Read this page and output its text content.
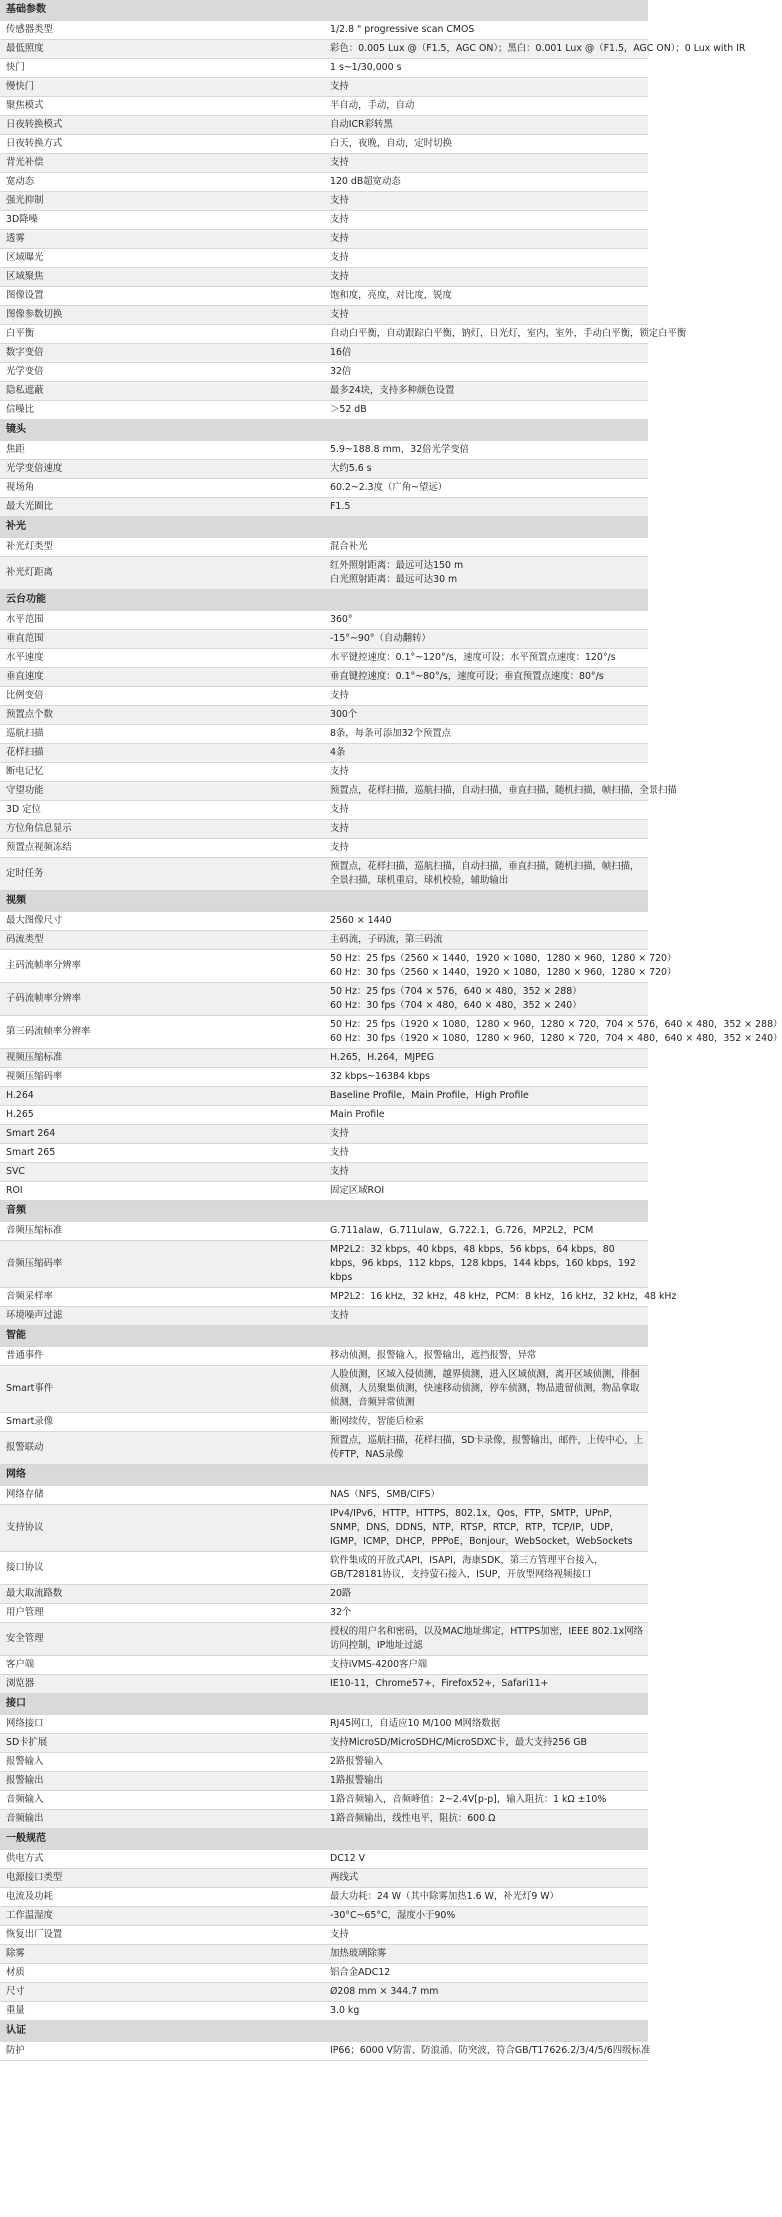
基础参数	
传感器类型	1/2.8 " progressive scan CMOS

最低照度	彩色：0.005 Lux @（F1.5，AGC ON）；黑白：0.001 Lux @（F1.5，AGC ON）；0 Lux with IR

快门	1 s~1/30,000 s

慢快门	支持

聚焦模式	半自动，手动，自动

日夜转换模式	自动ICR彩转黑

日夜转换方式	白天，夜晚，自动，定时切换

背光补偿	支持

宽动态	120 dB超宽动态

强光抑制	支持

3D降噪	支持

透雾	支持

区域曝光	支持

区域聚焦	支持

图像设置	饱和度，亮度，对比度，锐度

图像参数切换	支持

白平衡	自动白平衡，自动跟踪白平衡，钠灯，日光灯，室内，室外，手动白平衡，锁定白平衡

数字变倍	16倍

光学变倍	32倍

隐私遮蔽	最多24块，支持多种颜色设置

信噪比	＞52 dB

镜头	
焦距	5.9~188.8 mm，32倍光学变倍

光学变倍速度	大约5.6 s

视场角	60.2~2.3度（广角~望远）

最大光圈比	F1.5

补光	
补光灯类型	混合补光

补光灯距离	红外照射距离：最远可达150 m
白光照射距离：最远可达30 m

云台功能	
水平范围	360°

垂直范围	-15°~90°（自动翻转）

水平速度	水平键控速度：0.1°~120°/s，速度可设；水平预置点速度：120°/s

垂直速度	垂直键控速度：0.1°~80°/s，速度可设；垂直预置点速度：80°/s

比例变倍	支持

预置点个数	300个

巡航扫描	8条，每条可添加32个预置点

花样扫描	4条

断电记忆	支持

守望功能	预置点，花样扫描，巡航扫描，自动扫描，垂直扫描，随机扫描，帧扫描，全景扫描

3D 定位	支持

方位角信息显示	支持

预置点视频冻结	支持

定时任务	预置点，花样扫描，巡航扫描，自动扫描，垂直扫描，随机扫描，帧扫描，全景扫描，球机重启，球机校验，辅助输出

视频	
最大图像尺寸	2560 × 1440

码流类型	主码流，子码流，第三码流

主码流帧率分辨率	50 Hz：25 fps（2560 × 1440，1920 × 1080，1280 × 960，1280 × 720）
60 Hz：30 fps（2560 × 1440，1920 × 1080，1280 × 960，1280 × 720）

子码流帧率分辨率	50 Hz：25 fps（704 × 576，640 × 480，352 × 288）
60 Hz：30 fps（704 × 480，640 × 480，352 × 240）

第三码流帧率分辨率	50 Hz：25 fps（1920 × 1080，1280 × 960，1280 × 720，704 × 576，640 × 480，352 × 288）
60 Hz：30 fps（1920 × 1080，1280 × 960，1280 × 720，704 × 480，640 × 480，352 × 240）

视频压缩标准	H.265，H.264，MJPEG

视频压缩码率	32 kbps~16384 kbps

H.264	Baseline Profile，Main Profile，High Profile

H.265	Main Profile

Smart 264	支持

Smart 265	支持

SVC	支持

ROI	固定区域ROI

音频	
音频压缩标准	G.711alaw，G.711ulaw，G.722.1，G.726，MP2L2，PCM

音频压缩码率	MP2L2：32 kbps，40 kbps，48 kbps，56 kbps，64 kbps，80 kbps，96 kbps，112 kbps，128 kbps，144 kbps，160 kbps，192 kbps

音频采样率	MP2L2：16 kHz，32 kHz，48 kHz，PCM：8 kHz，16 kHz，32 kHz，48 kHz

环境噪声过滤	支持

智能	
普通事件	移动侦测，报警输入，报警输出，遮挡报警，异常

Smart事件	人脸侦测，区域入侵侦测，越界侦测，进入区域侦测，离开区域侦测，徘徊侦测，人员聚集侦测，快速移动侦测，停车侦测，物品遗留侦测，物品拿取侦测，音频异常侦测

Smart录像	断网续传，智能后检索

报警联动	预置点，巡航扫描，花样扫描，SD卡录像，报警输出，邮件，上传中心，上传FTP，NAS录像

网络	
网络存储	NAS（NFS，SMB/CIFS）

支持协议	IPv4/IPv6，HTTP，HTTPS，802.1x，Qos，FTP，SMTP，UPnP，SNMP，DNS，DDNS，NTP，RTSP，RTCP，RTP，TCP/IP，UDP，IGMP，ICMP，DHCP，PPPoE，Bonjour，WebSocket，WebSockets

接口协议	软件集成的开放式API，ISAPI，海康SDK，第三方管理平台接入，GB/T28181协议，支持萤石接入，ISUP，开放型网络视频接口

最大取流路数	20路

用户管理	32个

安全管理	授权的用户名和密码，以及MAC地址绑定，HTTPS加密，IEEE 802.1x网络访问控制，IP地址过滤

客户端	支持iVMS-4200客户端

浏览器	IE10-11，Chrome57+，Firefox52+，Safari11+

接口	
网络接口	RJ45网口，自适应10 M/100 M网络数据

SD卡扩展	支持MicroSD/MicroSDHC/MicroSDXC卡，最大支持256 GB

报警输入	2路报警输入

报警输出	1路报警输出

音频输入	1路音频输入，音频峰值：2~2.4V[p-p]，输入阻抗：1 kΩ ±10%

音频输出	1路音频输出，线性电平，阻抗：600 Ω

一般规范	
供电方式	DC12 V

电源接口类型	两线式

电流及功耗	最大功耗：24 W（其中除雾加热1.6 W，补光灯9 W）

工作温湿度	-30°C~65°C，湿度小于90%

恢复出厂设置	支持

除雾	加热玻璃除雾

材质	铝合金ADC12

尺寸	Ø208 mm × 344.7 mm

重量	3.0 kg

认证	
防护	IP66；6000 V防雷、防浪涌、防突波，符合GB/T17626.2/3/4/5/6四级标准
